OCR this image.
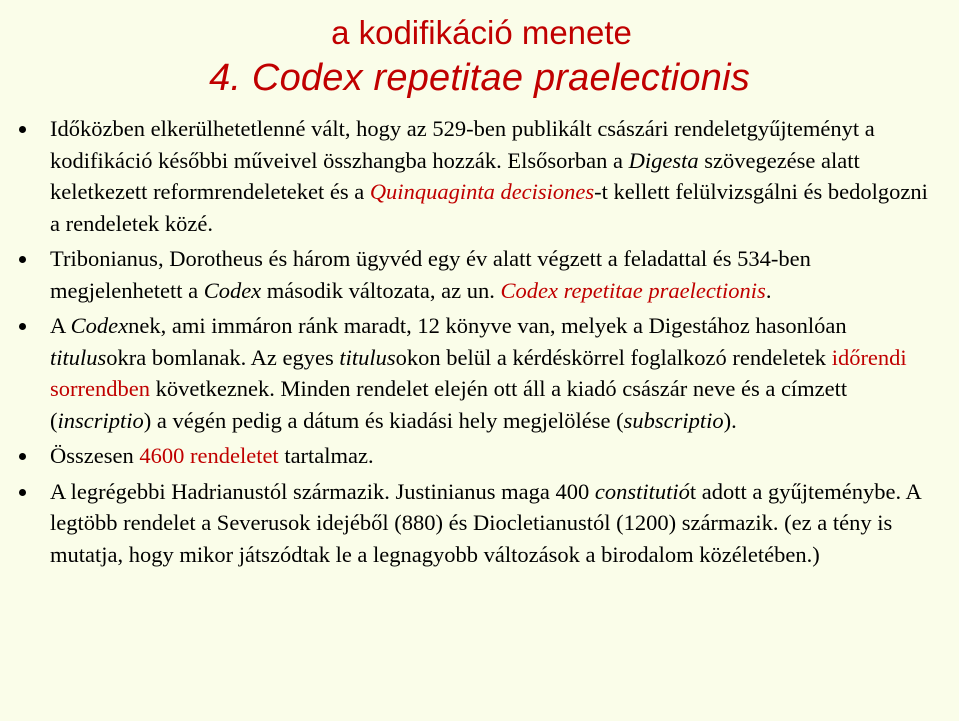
a kodifikáció menete
4. Codex repetitae praelectionis
Időközben elkerülhetetlenné vált, hogy az 529-ben publikált császári rendeletgyűjteményt a kodifikáció későbbi műveivel összhangba hozzák. Elsősorban a Digesta szövegezése alatt keletkezett reformrendeleteket és a Quinquaginta decisiones-t kellett felülvizsgálni és bedolgozni a rendeletek közé.
Tribonianus, Dorotheus és három ügyvéd egy év alatt végzett a feladattal és 534-ben megjelenhetett a Codex második változata, az un. Codex repetitae praelectionis.
A Codexnek, ami immáron ránk maradt, 12 könyve van, melyek a Digestához hasonlóan titulusokra bomlanak. Az egyes titulusokon belül a kérdéskörrel foglalkozó rendeletek időrendi sorrendben következnek. Minden rendelet elején ott áll a kiadó császár neve és a címzett (inscriptio) a végén pedig a dátum és kiadási hely megjelölése (subscriptio).
Összesen 4600 rendeletet tartalmaz.
A legrégebbi Hadrianustól származik. Justinianus maga 400 constitutiót adott a gyűjteménybe. A legtöbb rendelet a Severusok idejéből (880) és Diocletianustól (1200) származik. (ez a tény is mutatja, hogy mikor játszódtak le a legnagyobb változások a birodalom közéletében.)
